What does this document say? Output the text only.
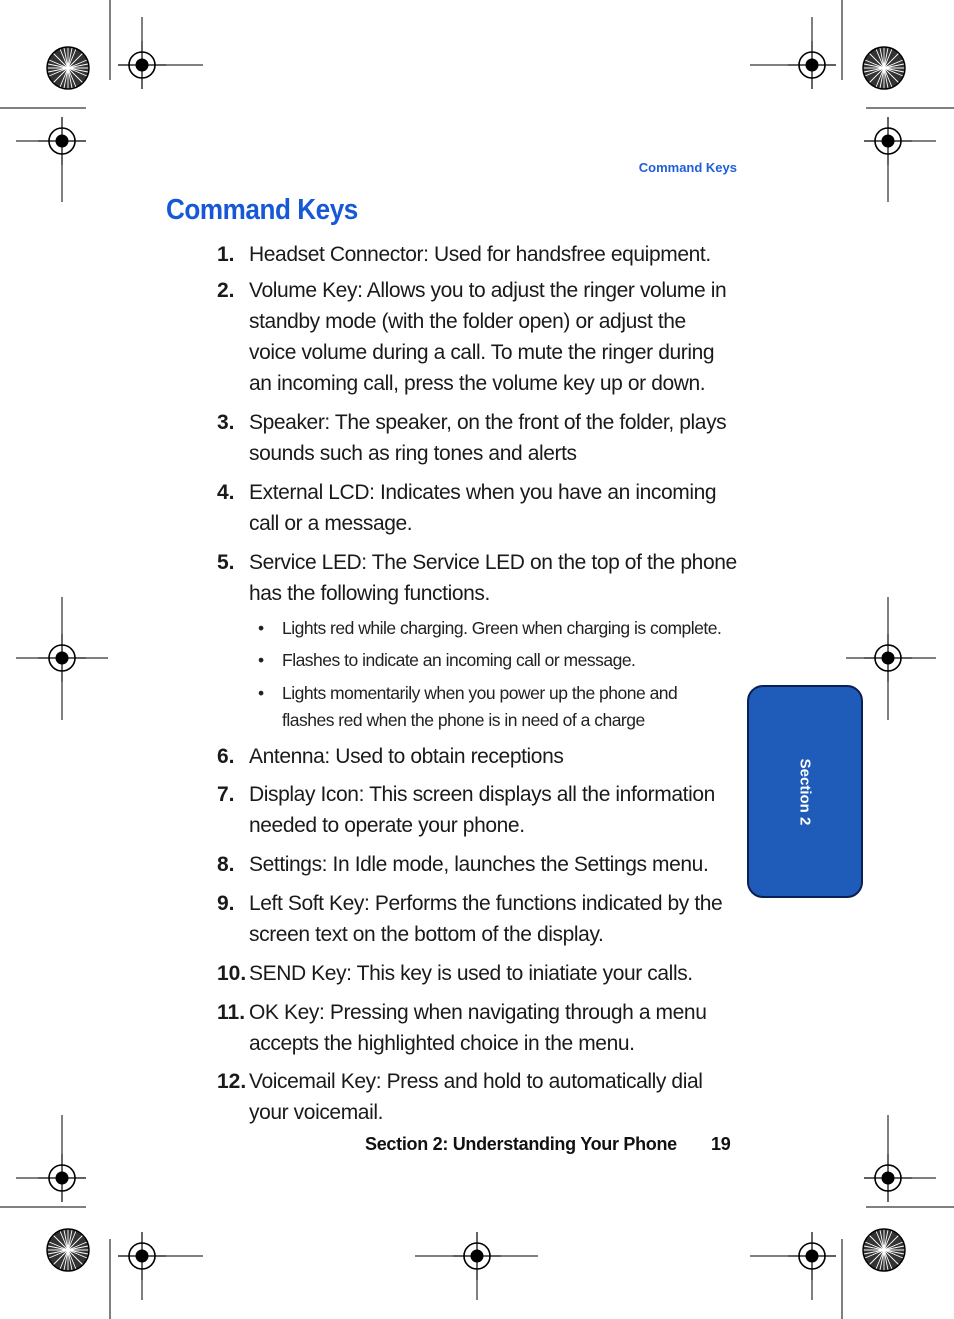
Command Keys
Command Keys
1. Headset Connector: Used for handsfree equipment.
2. Volume Key: Allows you to adjust the ringer volume in standby mode (with the folder open) or adjust the voice volume during a call. To mute the ringer during an incoming call, press the volume key up or down.
3. Speaker: The speaker, on the front of the folder, plays sounds such as ring tones and alerts
4. External LCD: Indicates when you have an incoming call or a message.
5. Service LED: The Service LED on the top of the phone has the following functions.
• Lights red while charging. Green when charging is complete.
• Flashes to indicate an incoming call or message.
• Lights momentarily when you power up the phone and flashes red when the phone is in need of a charge
6. Antenna: Used to obtain receptions
7. Display Icon: This screen displays all the information needed to operate your phone.
8. Settings: In Idle mode, launches the Settings menu.
9. Left Soft Key: Performs the functions indicated by the screen text on the bottom of the display.
10. SEND Key: This key is used to iniatiate your calls.
11. OK Key: Pressing when navigating through a menu accepts the highlighted choice in the menu.
12. Voicemail Key: Press and hold to automatically dial your voicemail.
Section 2
Section 2: Understanding Your Phone 19
